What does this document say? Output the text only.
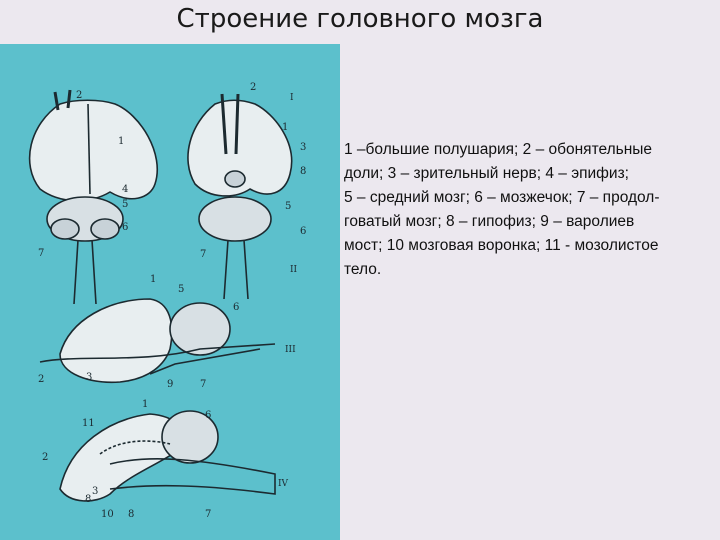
Строение головного мозга
1
2
4
5
6
7
1
2
3
8
5
6
7
1
5
6
2	3
9	7
1
6
11
2
8
3
10 8	7
I
II
III
IV
1 –большие полушария; 2 – обонятельные
доли; 3 – зрительный нерв; 4 – эпифиз;
5 – средний мозг; 6 – мозжечок; 7 – продол-
говатый мозг; 8 – гипофиз; 9 – варолиев
мост; 10 мозговая воронка; 11 - мозолистое
тело.
